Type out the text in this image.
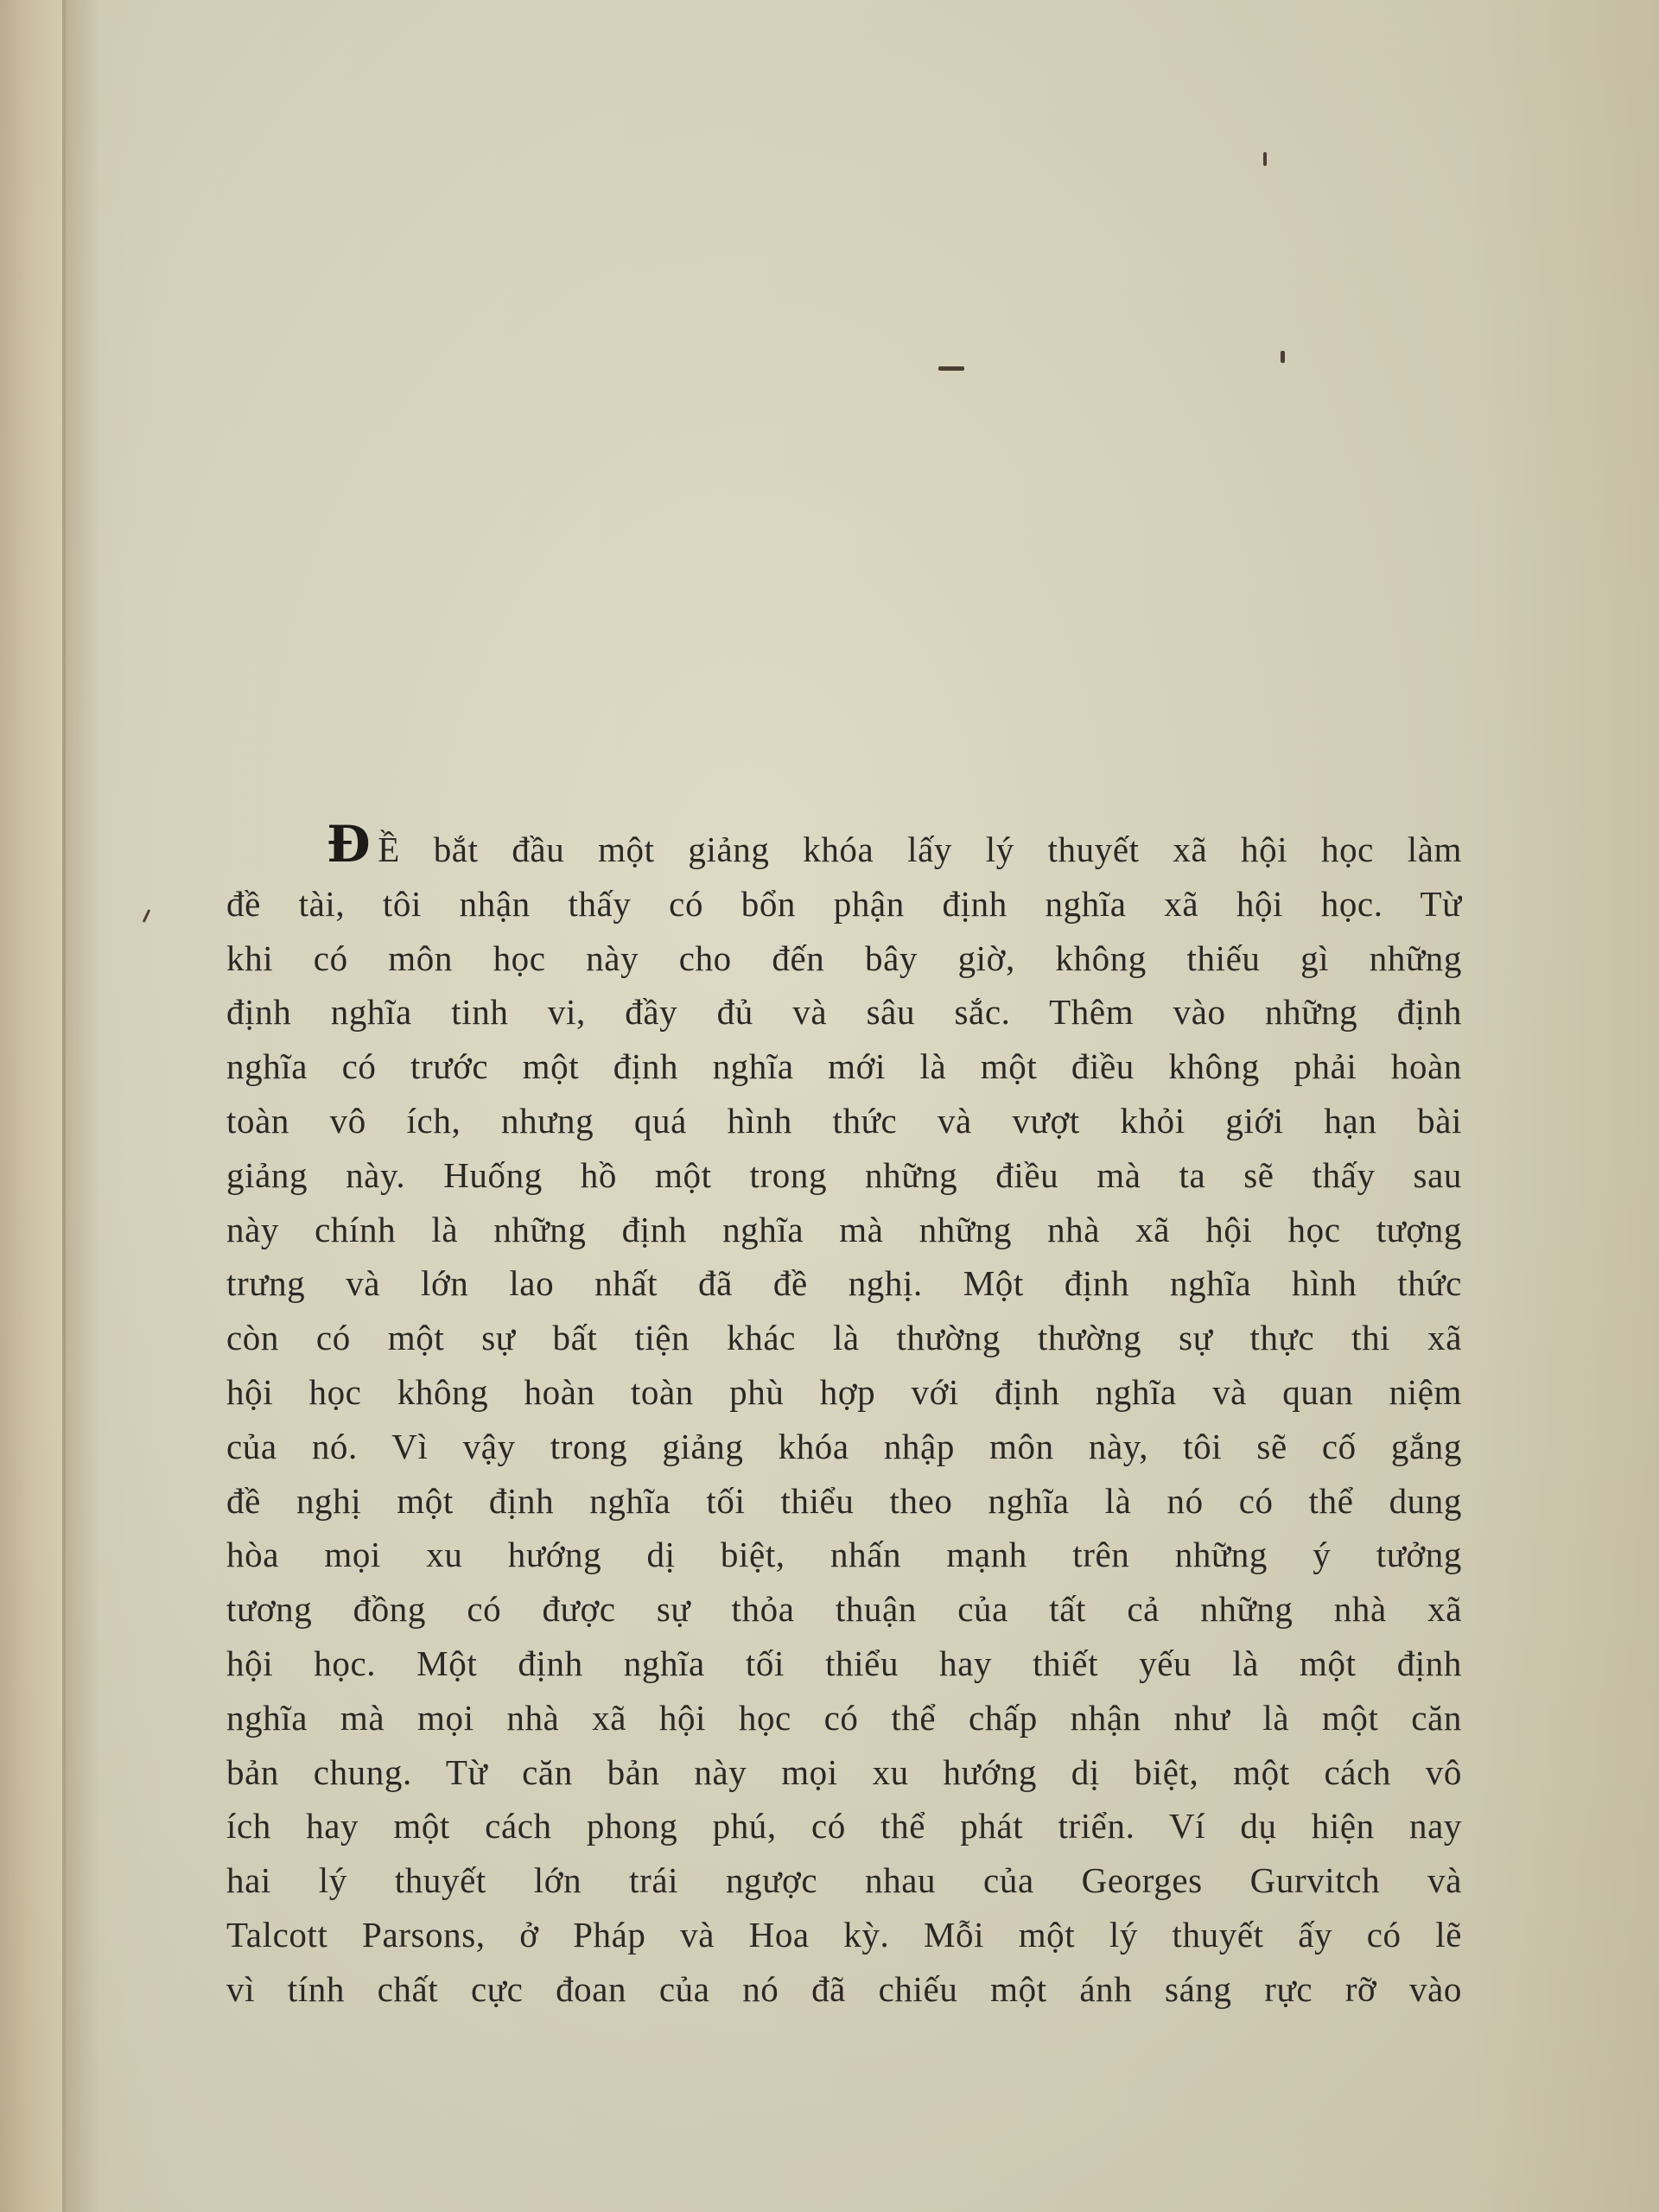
Đ Ề bắt đầu một giảng khóa lấy lý thuyết xã hội học làm
đề tài, tôi nhận thấy có bổn phận định nghĩa xã hội học. Từ
khi có môn học này cho đến bây giờ, không thiếu gì những
định nghĩa tinh vi, đầy đủ và sâu sắc. Thêm vào những định
nghĩa có trước một định nghĩa mới là một điều không phải hoàn
toàn vô ích, nhưng quá hình thức và vượt khỏi giới hạn bài
giảng này. Huống hồ một trong những điều mà ta sẽ thấy sau
này chính là những định nghĩa mà những nhà xã hội học tượng
trưng và lớn lao nhất đã đề nghị. Một định nghĩa hình thức
còn có một sự bất tiện khác là thường thường sự thực thi xã
hội học không hoàn toàn phù hợp với định nghĩa và quan niệm
của nó. Vì vậy trong giảng khóa nhập môn này, tôi sẽ cố gắng
đề nghị một định nghĩa tối thiểu theo nghĩa là nó có thể dung
hòa mọi xu hướng dị biệt, nhấn mạnh trên những ý tưởng
tương đồng có được sự thỏa thuận của tất cả những nhà xã
hội học. Một định nghĩa tối thiểu hay thiết yếu là một định
nghĩa mà mọi nhà xã hội học có thể chấp nhận như là một căn
bản chung. Từ căn bản này mọi xu hướng dị biệt, một cách vô
ích hay một cách phong phú, có thể phát triển. Ví dụ hiện nay
hai lý thuyết lớn trái ngược nhau của Georges Gurvitch và
Talcott Parsons, ở Pháp và Hoa kỳ. Mỗi một lý thuyết ấy có lẽ
vì tính chất cực đoan của nó đã chiếu một ánh sáng rực rỡ vào
